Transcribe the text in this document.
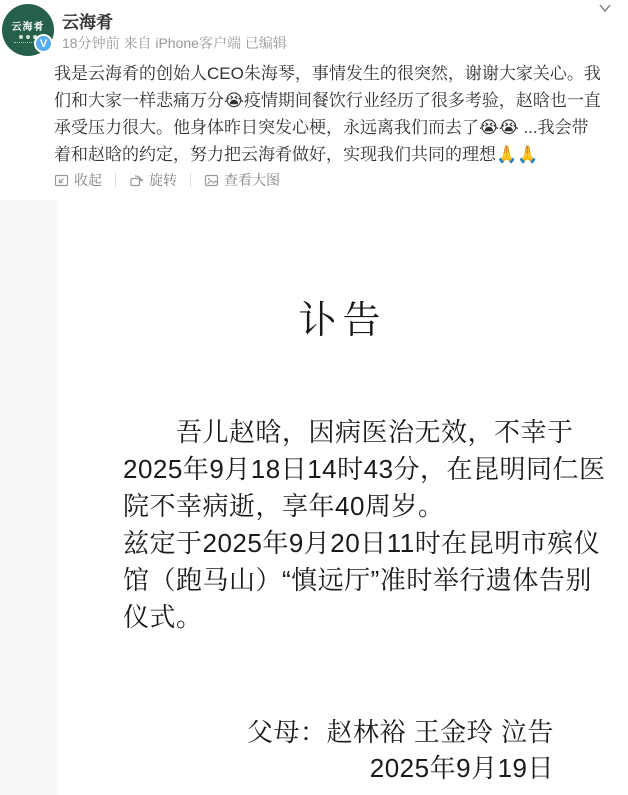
云海肴
V
云海肴
18分钟前 来自 iPhone客户端 已编辑
我是云海肴的创始人CEO朱海琴，事情发生的很突然，谢谢大家关心。我们和大家一样悲痛万分😭疫情期间餐饮行业经历了很多考验，赵晗也一直承受压力很大。他身体昨日突发心梗，永远离我们而去了😭😭 ...我会带着和赵晗的约定，努力把云海肴做好，实现我们共同的理想🙏🙏
收起	旋转	查看大图
讣告
　　吾儿赵晗，因病医治无效，不幸于
2025年9月18日14时43分，在昆明同仁医
院不幸病逝，享年40周岁。
兹定于2025年9月20日11时在昆明市殡仪
馆（跑马山）“慎远厅”准时举行遗体告别
仪式。
父母：赵林裕 王金玲 泣告
2025年9月19日
